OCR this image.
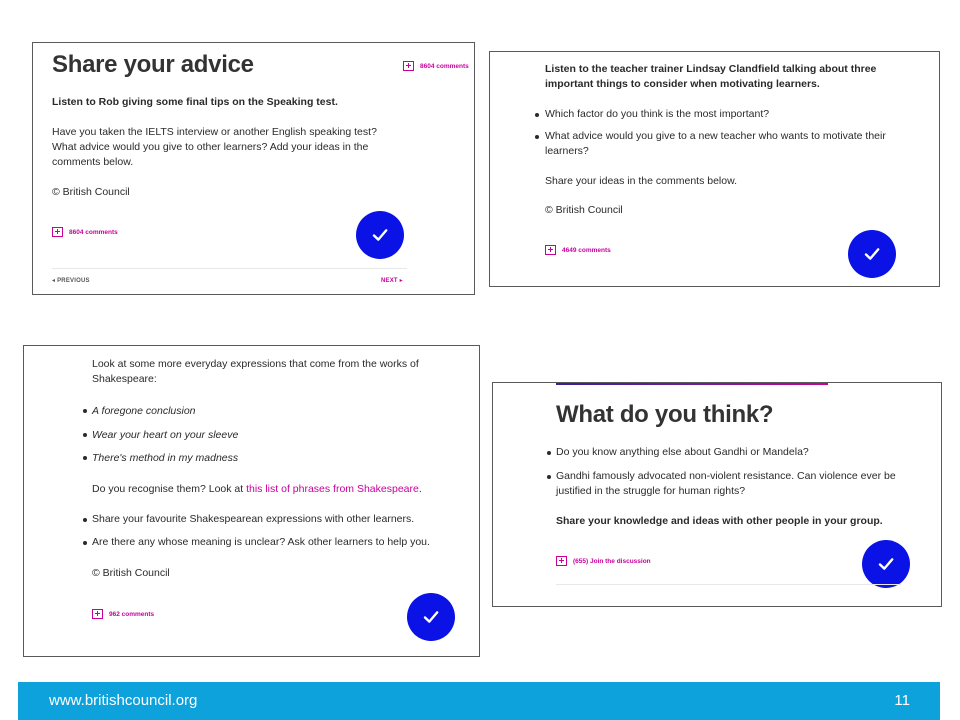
Share your advice	8604 comments
Listen to Rob giving some final tips on the Speaking test.
Have you taken the IELTS interview or another English speaking test? What advice would you give to other learners? Add your ideas in the comments below.
© British Council
8604 comments
◂ PREVIOUS	NEXT ▸
Listen to the teacher trainer Lindsay Clandfield talking about three important things to consider when motivating learners.
Which factor do you think is the most important?
What advice would you give to a new teacher who wants to motivate their learners?
Share your ideas in the comments below.
© British Council
4649 comments
Look at some more everyday expressions that come from the works of Shakespeare:
A foregone conclusion
Wear your heart on your sleeve
There's method in my madness
Do you recognise them? Look at this list of phrases from Shakespeare.
Share your favourite Shakespearean expressions with other learners.
Are there any whose meaning is unclear? Ask other learners to help you.
© British Council
962 comments
What do you think?
Do you know anything else about Gandhi or Mandela?
Gandhi famously advocated non-violent resistance. Can violence ever be justified in the struggle for human rights?
Share your knowledge and ideas with other people in your group.
(655) Join the discussion
www.britishcouncil.org	11
